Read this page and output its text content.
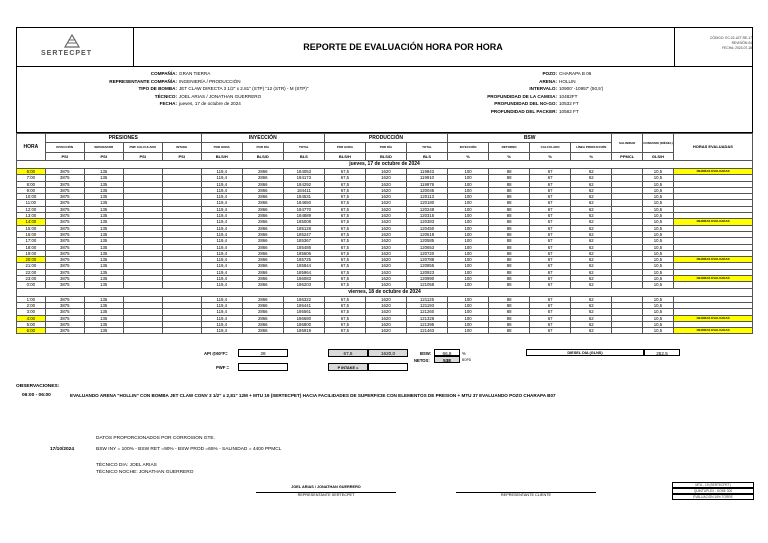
SERTECPET
REPORTE DE EVALUACIÓN HORA POR HORA
CÓDIGO: EC-02-LET-RE-17
REVISIÓN 04
FECHA: 2023-07-18
COMPAÑÍA: GRAN TIERRA
REPRESENTANTE COMPAÑÍA: INGENIERÍA / PRODUCCIÓN
TIPO DE BOMBA: JET CLAW DIRECTA 3 1/2" x 2.81" (STP) "12 (STR) - M (STP)"
TÉCNICO: JOEL ARIAS / JONATHAN GUERRERO
FECHA: jueves, 17 de octubre de 2024
POZO: CHARAPA B 06
ARENA: HOLLIN
INTERVALO: 10900' -10957' (50,5')
PROFUNDIDAD DE LA CAMISA: 10482FT
PROFUNDIDAD DEL NO-GO: 10532 FT
PROFUNDIDAD DEL PACKER: 10582 FT
HORA	PRESIONES				INYECCIÓN			PRODUCCIÓN			BSW				SALINIDAD	CONSUMO (DIÉSEL)	HORAS EVALUADAS
	INYECCIÓN	SEPARADOR	PWF CALCULADO	INTAKE	POR HORA	POR DÍA	TOTAL	POR HORA	POR DÍA	TOTAL	INYECCIÓN	RETORNO	CALCULADO	LÍNEA PRODUCCIÓN			
	PSI	PSI	PSI	PSI	BLS/H	BLS/D	BLS	BLS/H	BLS/D	BLS	%	%	%	%	PPMCL	GLS/H	
jueves, 17 de octubre de 2024																	
6:00	3875	135			119,4	2866	184053	67,5	1620	119843	100	88	67	62		10,5	16HORAS EVALUADAS
7:00	3875	135			119,4	2866	184173	67,5	1620	119910	100	88	67	62		10,5	
8:00	3875	135			119,4	2866	184292	67,5	1620	119978	100	88	67	62		10,5	
9:00	3875	135			119,4	2866	184411	67,5	1620	120045	100	88	67	62		10,5	
10:00	3875	135			119,4	2866	184531	67,5	1620	120113	100	88	67	62		10,5	
11:00	3875	135			119,4	2866	184650	67,5	1620	120180	100	88	67	62		10,5	
12:00	3875	135			119,4	2866	184770	67,5	1620	120248	100	88	67	62		10,5	
13:00	3875	135			119,4	2866	184889	67,5	1620	120315	100	88	67	62		10,5	
14:00	3875	135			119,4	2866	185008	67,5	1620	120383	100	88	67	62		10,5	16HORAS EVALUADAS
15:00	3875	135			119,4	2866	185128	67,5	1620	120450	100	88	67	62		10,5	
16:00	3875	135			119,4	2866	185247	67,5	1620	120518	100	88	67	62		10,5	
17:00	3875	135			119,4	2866	185367	67,5	1620	120585	100	88	67	62		10,5	
18:00	3875	135			119,4	2866	185486	67,5	1620	120653	100	88	67	62		10,5	
19:00	3875	135			119,4	2866	185606	67,5	1620	120720	100	88	67	62		10,5	
20:00	3875	135			119,4	2866	185725	67,5	1620	120788	100	88	67	62		10,5	16HORAS EVALUADAS
21:00	3875	135			119,4	2866	185844	67,5	1620	120855	100	88	67	62		10,5	
22:00	3875	135			119,4	2866	185964	67,5	1620	120923	100	88	67	62		10,5	
23:00	3875	135			119,4	2866	186083	67,5	1620	120990	100	88	67	62		10,5	16HORAS EVALUADAS
0:00	3875	135			119,4	2866	186203	67,5	1620	121058	100	88	67	62		10,5	
viernes, 18 de octubre de 2024																	
1:00	3875	135			119,4	2866	186322	67,5	1620	121125	100	88	67	62		10,5	
2:00	3875	135			119,4	2866	186441	67,5	1620	121193	100	88	67	62		10,5	
3:00	3875	135			119,4	2866	186561	67,5	1620	121260	100	88	67	62		10,5	
4:00	3875	135			119,4	2866	186680	67,5	1620	121328	100	88	67	62		10,5	16HORAS EVALUADAS
5:00	3875	135			119,4	2866	186800	67,5	1620	121395	100	88	67	62		10,5	
6:00	3875	135			119,4	2866	186919	67,5	1620	121463	100	88	67	62		10,5	16HORAS EVALUADAS
API @60°F=	28
PWF =
67,5	1620,0
P INTAKE =
BSW:	66,8	%
NETOS:	538	BOPD
DIESEL DIA (GLNS)	252,5
OBSERVACIONES:
06:00 - 06:00	EVALUANDO ARENA "HOLLIN" CON BOMBA JET CLAW CONV 3 1/2" x 2,81" 12M + MTU 19 (SERTECPET) HACIA FACILIDADES DE SUPERFICIE CON ELEMENTOS DE PRESION + MTU 37 EVALUANDO POZO CHARAPA B07
DATOS PROPORCIONADOS POR CORROSION GTE.
17/10/2024	BSW INY = 100% - BSW RET =90% - BSW PROD =65% - SALINIDAD = 4400 PPMCL
TÉCNICO DIA: JOEL ARIAS
TÉCNICO NOCHE: JONATHAN GUERRERO
JOEL ARIAS / JONATHAN GUERRERO
REPRESENTANTE SERTECPET	REPRESENTANTE CLIENTE
MTU - 19 (SERTECPET)
QUINTUPLEX - KOBE 300
EVALUACIÓN 16% TORRE
